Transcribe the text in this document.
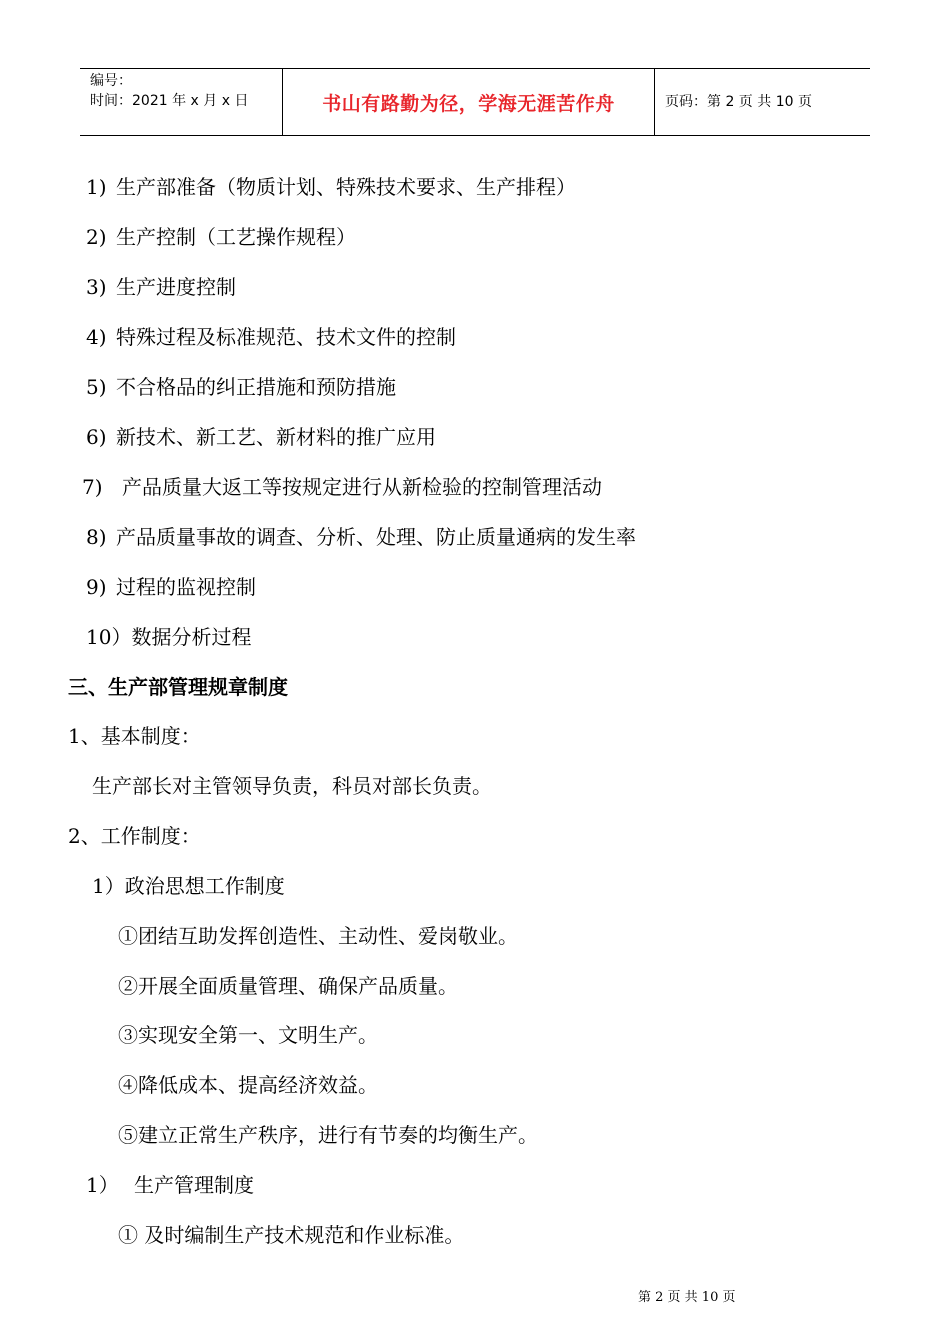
编号：
时间：2021 年 x 月 x 日	书山有路勤为径，学海无涯苦作舟	页码：第 2 页 共 10 页
1) 生产部准备（物质计划、特殊技术要求、生产排程）
2) 生产控制（工艺操作规程）
3) 生产进度控制
4) 特殊过程及标准规范、技术文件的控制
5) 不合格品的纠正措施和预防措施
6) 新技术、新工艺、新材料的推广应用
7) 产品质量大返工等按规定进行从新检验的控制管理活动
8) 产品质量事故的调查、分析、处理、防止质量通病的发生率
9) 过程的监视控制
10）数据分析过程
三、生产部管理规章制度
1、基本制度：
生产部长对主管领导负责，科员对部长负责。
2、工作制度：
1）政治思想工作制度
①团结互助发挥创造性、主动性、爱岗敬业。
②开展全面质量管理、确保产品质量。
③实现安全第一、文明生产。
④降低成本、提高经济效益。
⑤建立正常生产秩序，进行有节奏的均衡生产。
1） 生产管理制度
① 及时编制生产技术规范和作业标准。
第 2 页 共 10 页
